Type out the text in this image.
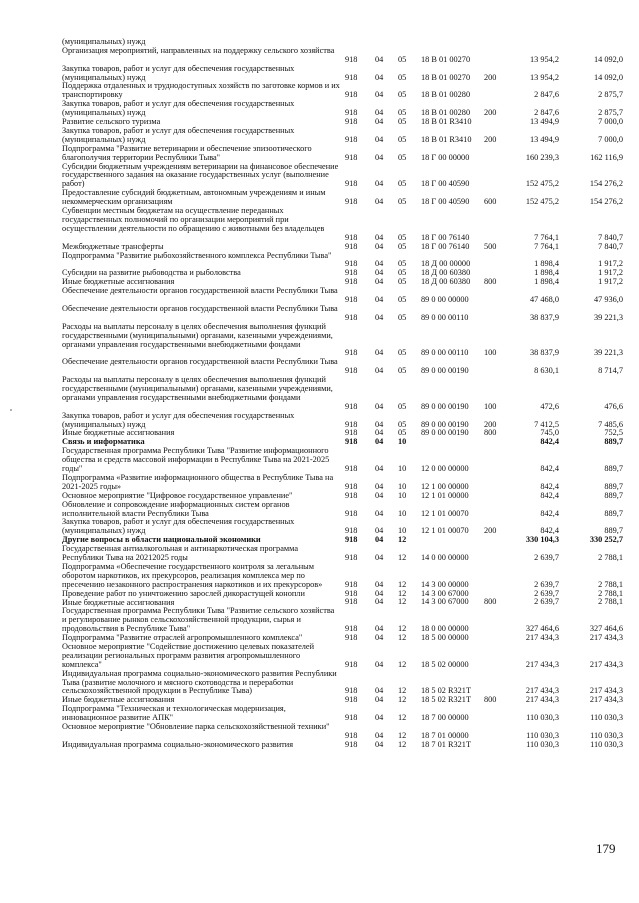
(муниципальных) нужд
Организация мероприятий, направленных на поддержку сельского хозяйства
918 04 05 18 В 01 00270	13 954,2	14 092,0
Закупка товаров, работ и услуг для обеспечения государственных (муниципальных) нужд	918 04 05 18 В 01 00270 200	13 954,2	14 092,0
Поддержка отдаленных и труднодоступных хозяйств по заготовке кормов и их транспортировку	918 04 05 18 В 01 00280	2 847,6	2 875,7
Закупка товаров, работ и услуг для обеспечения государственных (муниципальных) нужд	918 04 05 18 В 01 00280 200	2 847,6	2 875,7
Развитие сельского туризма	918 04 05 18 В 01 R3410	13 494,9	7 000,0
Закупка товаров, работ и услуг для обеспечения государственных (муниципальных) нужд	918 04 05 18 В 01 R3410 200	13 494,9	7 000,0
Подпрограмма "Развитие ветеринарии и обеспечение эпизоотического благополучия территории Республики Тыва"	918 04 05 18 Г 00 00000	160 239,3	162 116,9
Субсидии бюджетным учреждениям ветеринарии на финансовое обеспечение государственного задания на оказание государственных услуг (выполнение работ)	918 04 05 18 Г 00 40590	152 475,2	154 276,2
Предоставление субсидий бюджетным, автономным учреждениям и иным некоммерческим организациям	918 04 05 18 Г 00 40590 600	152 475,2	154 276,2
Субвенции местным бюджетам на осуществление переданных государственных полномочий по организации мероприятий при осуществлении деятельности по обращению с животными без владельцев
918 04 05 18 Г 00 76140	7 764,1	7 840,7
Межбюджетные трансферты	918 04 05 18 Г 00 76140 500	7 764,1	7 840,7
Подпрограмма "Развитие рыбохозяйственного комплекса Республики Тыва"
918 04 05 18 Д 00 00000	1 898,4	1 917,2
Субсидии на развитие рыбоводства и рыболовства	918 04 05 18 Д 00 60380	1 898,4	1 917,2
Иные бюджетные ассигнования	918 04 05 18 Д 00 60380 800	1 898,4	1 917,2
Обеспечение деятельности органов государственной власти Республики Тыва
918 04 05 89 0 00 00000	47 468,0	47 936,0
Обеспечение деятельности органов государственной власти Республики Тыва
918 04 05 89 0 00 00110	38 837,9	39 221,3
Расходы на выплаты персоналу в целях обеспечения выполнения функций государственными (муниципальными) органами, казенными учреждениями, органами управления государственными внебюджетными фондами
918 04 05 89 0 00 00110 100	38 837,9	39 221,3
Обеспечение деятельности органов государственной власти Республики Тыва
918 04 05 89 0 00 00190	8 630,1	8 714,7
Расходы на выплаты персоналу в целях обеспечения выполнения функций государственными (муниципальными) органами, казенными учреждениями, органами управления государственными внебюджетными фондами
918 04 05 89 0 00 00190 100	472,6	476,6
Закупка товаров, работ и услуг для обеспечения государственных (муниципальных) нужд	918 04 05 89 0 00 00190 200	7 412,5	7 485,6
Иные бюджетные ассигнования	918 04 05 89 0 00 00190 800	745,0	752,5
Связь и информатика	918 04 10	842,4	889,7
Государственная программа Республики Тыва "Развитие информационного общества и средств массовой информации в Республике Тыва на 2021-2025 годы"	918 04 10 12 0 00 00000	842,4	889,7
Подпрограмма «Развитие информационного общества в Республике Тыва на 2021-2025 годы»	918 04 10 12 1 00 00000	842,4	889,7
Основное мероприятие "Цифровое государственное управление"	918 04 10 12 1 01 00000	842,4	889,7
Обновление и сопровождение информационных систем органов исполнительной власти Республики Тыва	918 04 10 12 1 01 00070	842,4	889,7
Закупка товаров, работ и услуг для обеспечения государственных (муниципальных) нужд	918 04 10 12 1 01 00070 200	842,4	889,7
Другие вопросы в области национальной экономики	918 04 12	330 104,3	330 252,7
Государственная антиалкогольная и антинаркотическая программа Республики Тыва на 20212025 годы	918 04 12 14 0 00 00000	2 639,7	2 788,1
Подпрограмма «Обеспечение государственного контроля за легальным оборотом наркотиков, их прекурсоров, реализация комплекса мер по пресечению незаконного распространения наркотиков и их прекурсоров»	918 04 12 14 3 00 00000	2 639,7	2 788,1
Проведение работ по уничтожению зарослей дикорастущей конопли	918 04 12 14 3 00 67000	2 639,7	2 788,1
Иные бюджетные ассигнования	918 04 12 14 3 00 67000 800	2 639,7	2 788,1
Государственная программа Республики Тыва "Развитие сельского хозяйства и регулирование рынков сельскохозяйственной продукции, сырья и продовольствия в Республике Тыва"	918 04 12 18 0 00 00000	327 464,6	327 464,6
Подпрограмма "Развитие отраслей агропромышленного комплекса"	918 04 12 18 5 00 00000	217 434,3	217 434,3
Основное мероприятие "Содействие достижению целевых показателей реализации региональных программ развития агропромышленного комплекса"	918 04 12 18 5 02 00000	217 434,3	217 434,3
Индивидуальная программа социально-экономического развития Республики Тыва (развитие молочного и мясного скотоводства и переработки сельскохозяйственной продукции в Республике Тыва)	918 04 12 18 5 02 R321T	217 434,3	217 434,3
Иные бюджетные ассигнования	918 04 12 18 5 02 R321T 800	217 434,3	217 434,3
Подпрограмма "Техническая и технологическая модернизация, инновационное развитие АПК"	918 04 12 18 7 00 00000	110 030,3	110 030,3
Основное мероприятие "Обновление парка сельскохозяйственной техники"
918 04 12 18 7 01 00000	110 030,3	110 030,3
Индивидуальная программа социально-экономического развития	918 04 12 18 7 01 R321T	110 030,3	110 030,3
179
